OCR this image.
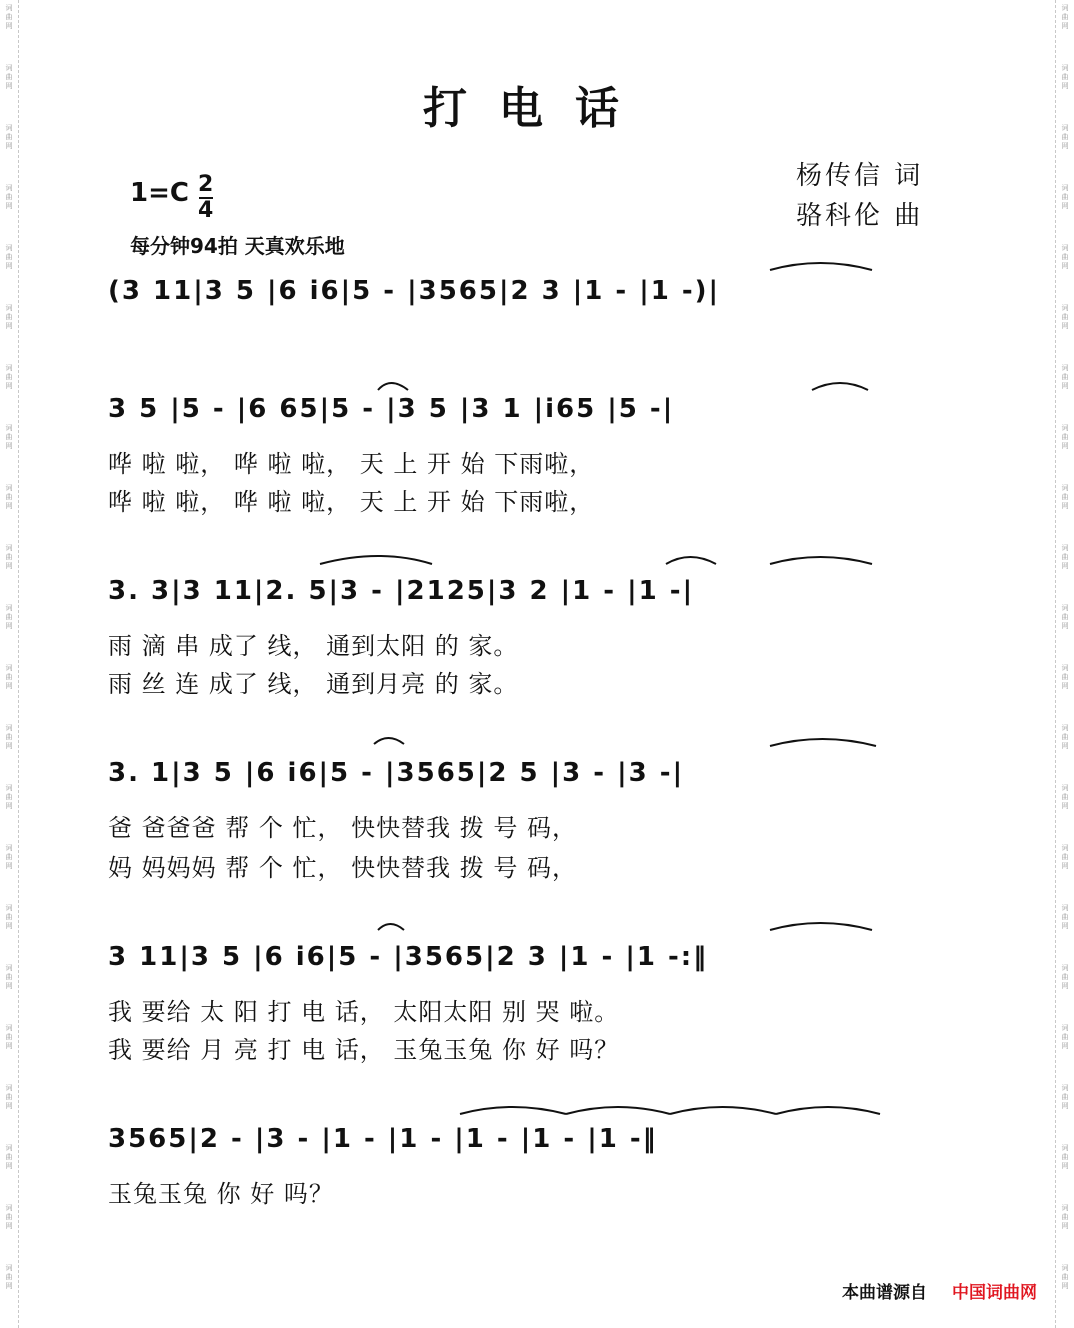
词
曲
网
词
曲
网
词
曲
网
词
曲
网
词
曲
网
词
曲
网
词
曲
网
词
曲
网
词
曲
网
词
曲
网
词
曲
网
词
曲
网
词
曲
网
词
曲
网
词
曲
网
词
曲
网
词
曲
网
词
曲
网
词
曲
网
词
曲
网
词
曲
网
词
曲
网
词
曲
网
词
曲
网
词
曲
网
词
曲
网
词
曲
网
词
曲
网
词
曲
网
词
曲
网
词
曲
网
词
曲
网
词
曲
网
词
曲
网
词
曲
网
词
曲
网
词
曲
网
词
曲
网
词
曲
网
词
曲
网
词
曲
网
词
曲
网
词
曲
网
词
曲
网
打电话
杨传信 词
骆科伦 曲
1=C 2
4
每分钟94拍 天真欢乐地
(3 11|3 5 |6 i6|5 - |3565|2 3 |1 - |1 -)|
3 5 |5 - |6 65|5 - |3 5 |3 1 |i65 |5 -|
哗 啦 啦， 哗 啦 啦， 天 上 开 始 下雨啦，
哗 啦 啦， 哗 啦 啦， 天 上 开 始 下雨啦，
3. 3|3 11|2. 5|3 - |2125|3 2 |1 - |1 -|
雨 滴 串 成了 线， 通到太阳 的 家。
雨 丝 连 成了 线， 通到月亮 的 家。
3. 1|3 5 |6 i6|5 - |3565|2 5 |3 - |3 -|
爸 爸爸爸 帮 个 忙， 快快替我 拨 号 码，
妈 妈妈妈 帮 个 忙， 快快替我 拨 号 码，
3 11|3 5 |6 i6|5 - |3565|2 3 |1 - |1 -:‖
我 要给 太 阳 打 电 话， 太阳太阳 别 哭 啦。
我 要给 月 亮 打 电 话， 玉兔玉兔 你 好 吗？
3565|2 - |3 - |1 - |1 - |1 - |1 - |1 -‖
玉兔玉兔 你 好 吗？
本曲谱源自 中国词曲网
